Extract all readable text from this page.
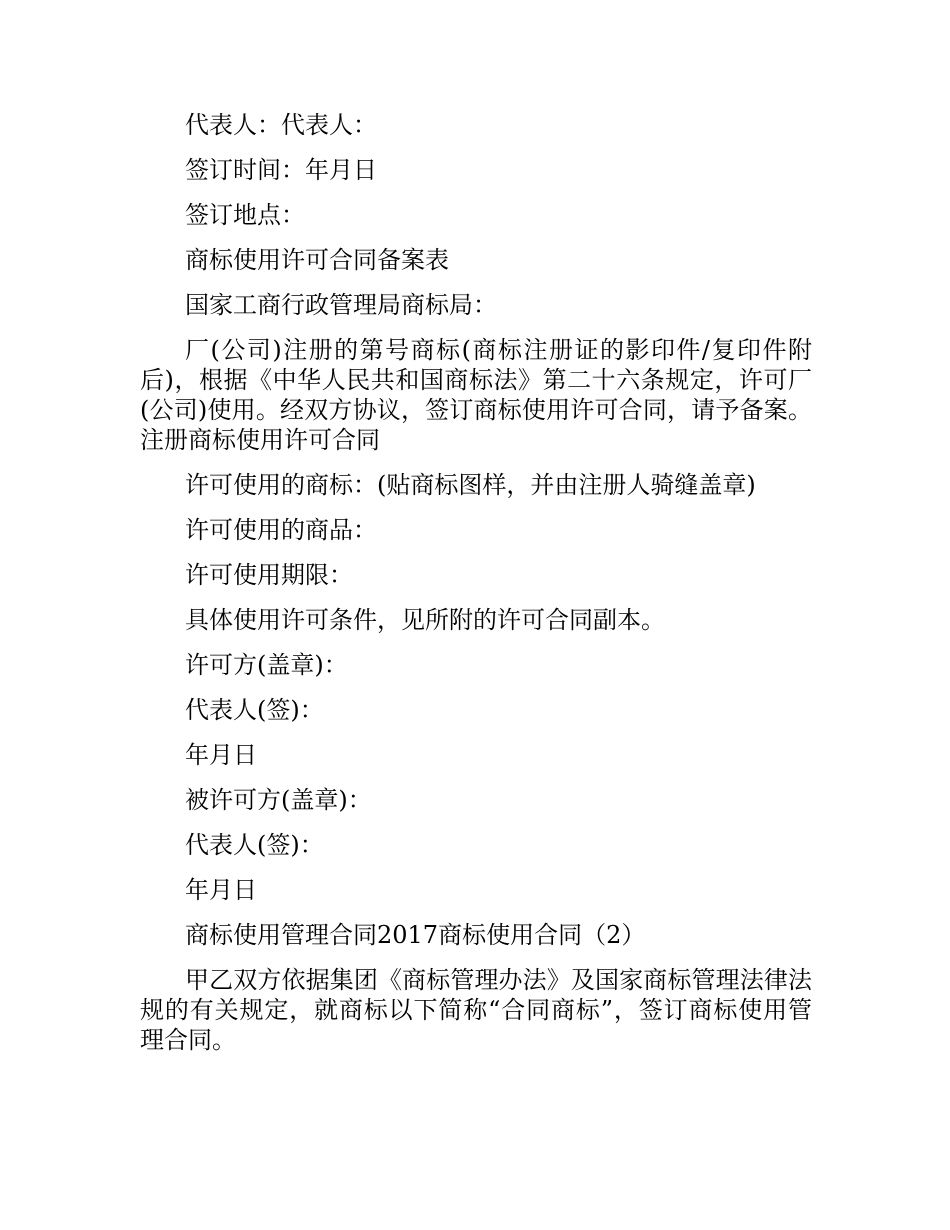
代表人：代表人：

签订时间：年月日

签订地点：

商标使用许可合同备案表

国家工商行政管理局商标局：

厂(公司)注册的第号商标(商标注册证的影印件/复印件附后)，根据《中华人民共和国商标法》第二十六条规定，许可厂(公司)使用。经双方协议，签订商标使用许可合同，请予备案。注册商标使用许可合同

许可使用的商标：(贴商标图样，并由注册人骑缝盖章)

许可使用的商品：

许可使用期限：

具体使用许可条件，见所附的许可合同副本。

许可方(盖章)：

代表人(签)：

年月日

被许可方(盖章)：

代表人(签)：

年月日

商标使用管理合同2017商标使用合同（2）

甲乙双方依据集团《商标管理办法》及国家商标管理法律法规的有关规定，就商标以下简称“合同商标”，签订商标使用管理合同。
